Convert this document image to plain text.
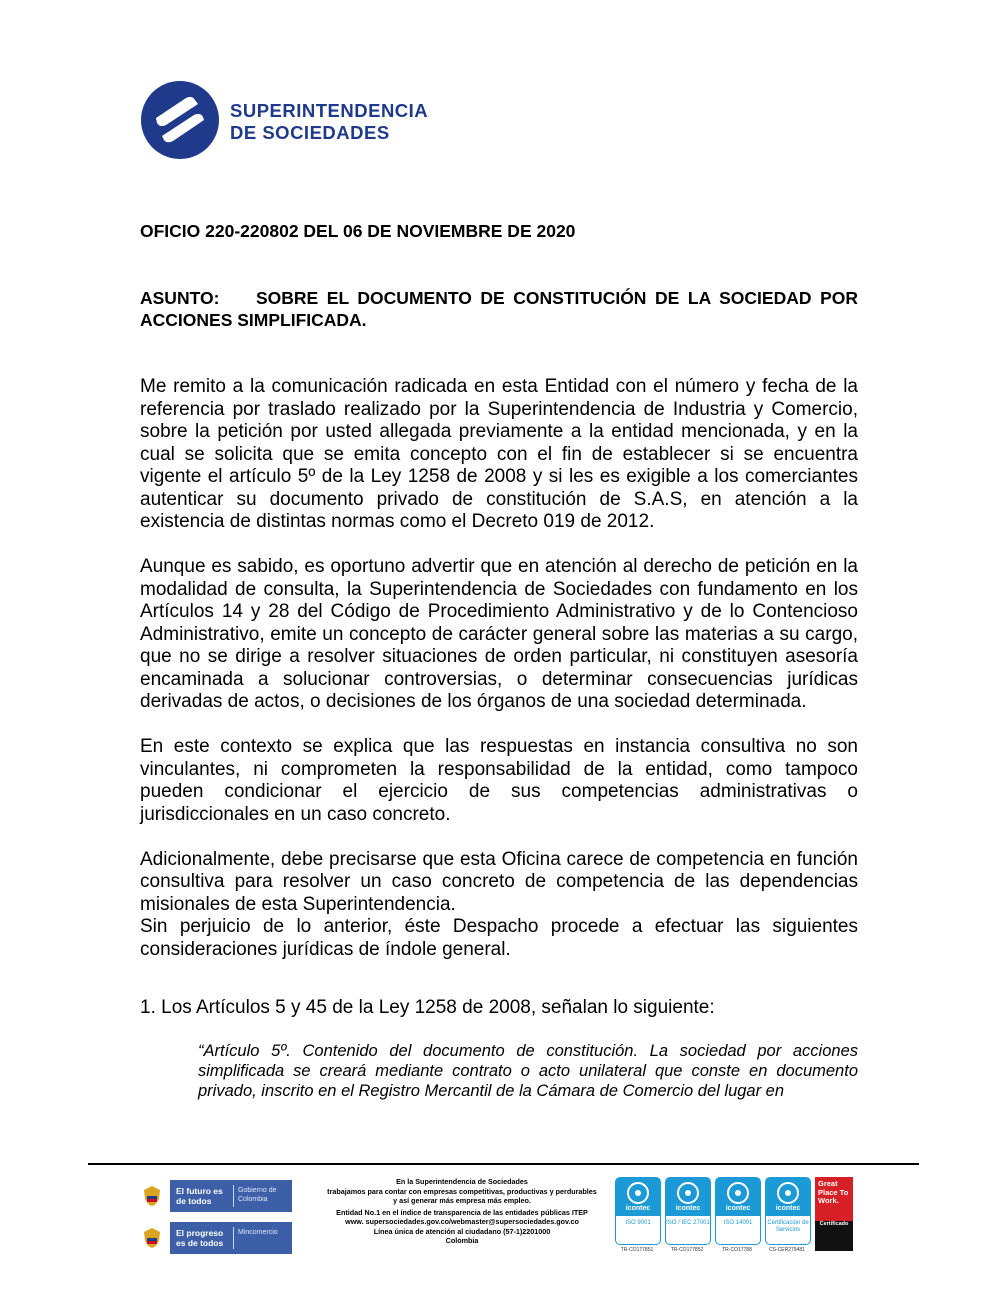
SUPERINTENDENCIA
DE SOCIEDADES
OFICIO 220-220802 DEL 06 DE NOVIEMBRE DE 2020
ASUNTO: SOBRE EL DOCUMENTO DE CONSTITUCIÓN DE LA SOCIEDAD POR ACCIONES SIMPLIFICADA.

Me remito a la comunicación radicada en esta Entidad con el número y fecha de la referencia por traslado realizado por la Superintendencia de Industria y Comercio, sobre la petición por usted allegada previamente a la entidad mencionada, y en la cual se solicita que se emita concepto con el fin de establecer si se encuentra vigente el artículo 5º de la Ley 1258 de 2008 y si les es exigible a los comerciantes autenticar su documento privado de constitución de S.A.S, en atención a la existencia de distintas normas como el Decreto 019 de 2012.

Aunque es sabido, es oportuno advertir que en atención al derecho de petición en la modalidad de consulta, la Superintendencia de Sociedades con fundamento en los Artículos 14 y 28 del Código de Procedimiento Administrativo y de lo Contencioso Administrativo, emite un concepto de carácter general sobre las materias a su cargo, que no se dirige a resolver situaciones de orden particular, ni constituyen asesoría encaminada a solucionar controversias, o determinar consecuencias jurídicas derivadas de actos, o decisiones de los órganos de una sociedad determinada.

En este contexto se explica que las respuestas en instancia consultiva no son vinculantes, ni comprometen la responsabilidad de la entidad, como tampoco pueden condicionar el ejercicio de sus competencias administrativas o jurisdiccionales en un caso concreto.

Adicionalmente, debe precisarse que esta Oficina carece de competencia en función consultiva para resolver un caso concreto de competencia de las dependencias misionales de esta Superintendencia.

Sin perjuicio de lo anterior, éste Despacho procede a efectuar las siguientes consideraciones jurídicas de índole general.

1. Los Artículos 5 y 45 de la Ley 1258 de 2008, señalan lo siguiente:

“Artículo 5º. Contenido del documento de constitución. La sociedad por acciones simplificada se creará mediante contrato o acto unilateral que conste en documento privado, inscrito en el Registro Mercantil de la Cámara de Comercio del lugar en
El futuro es de todos
Gobierno de Colombia
El progreso es de todos
Mincomercio
En la Superintendencia de Sociedades
trabajamos para contar con empresas competitivas, productivas y perdurables
y así generar más empresa más empleo.
Entidad No.1 en el índice de transparencia de las entidades públicas ITEP
www. supersociedades.gov.co/webmaster@supersociedades.gov.co
Línea única de atención al ciudadano (57-1)2201000
Colombia
icontec
ISO 9001
TR-CO177851
icontec
ISO / IEC 27001
TR-CO177852
icontec
ISO 14001
TR-CO17788
icontec
Certificación de Servicios
CS-CER279481
Great Place To Work.
Certificado
